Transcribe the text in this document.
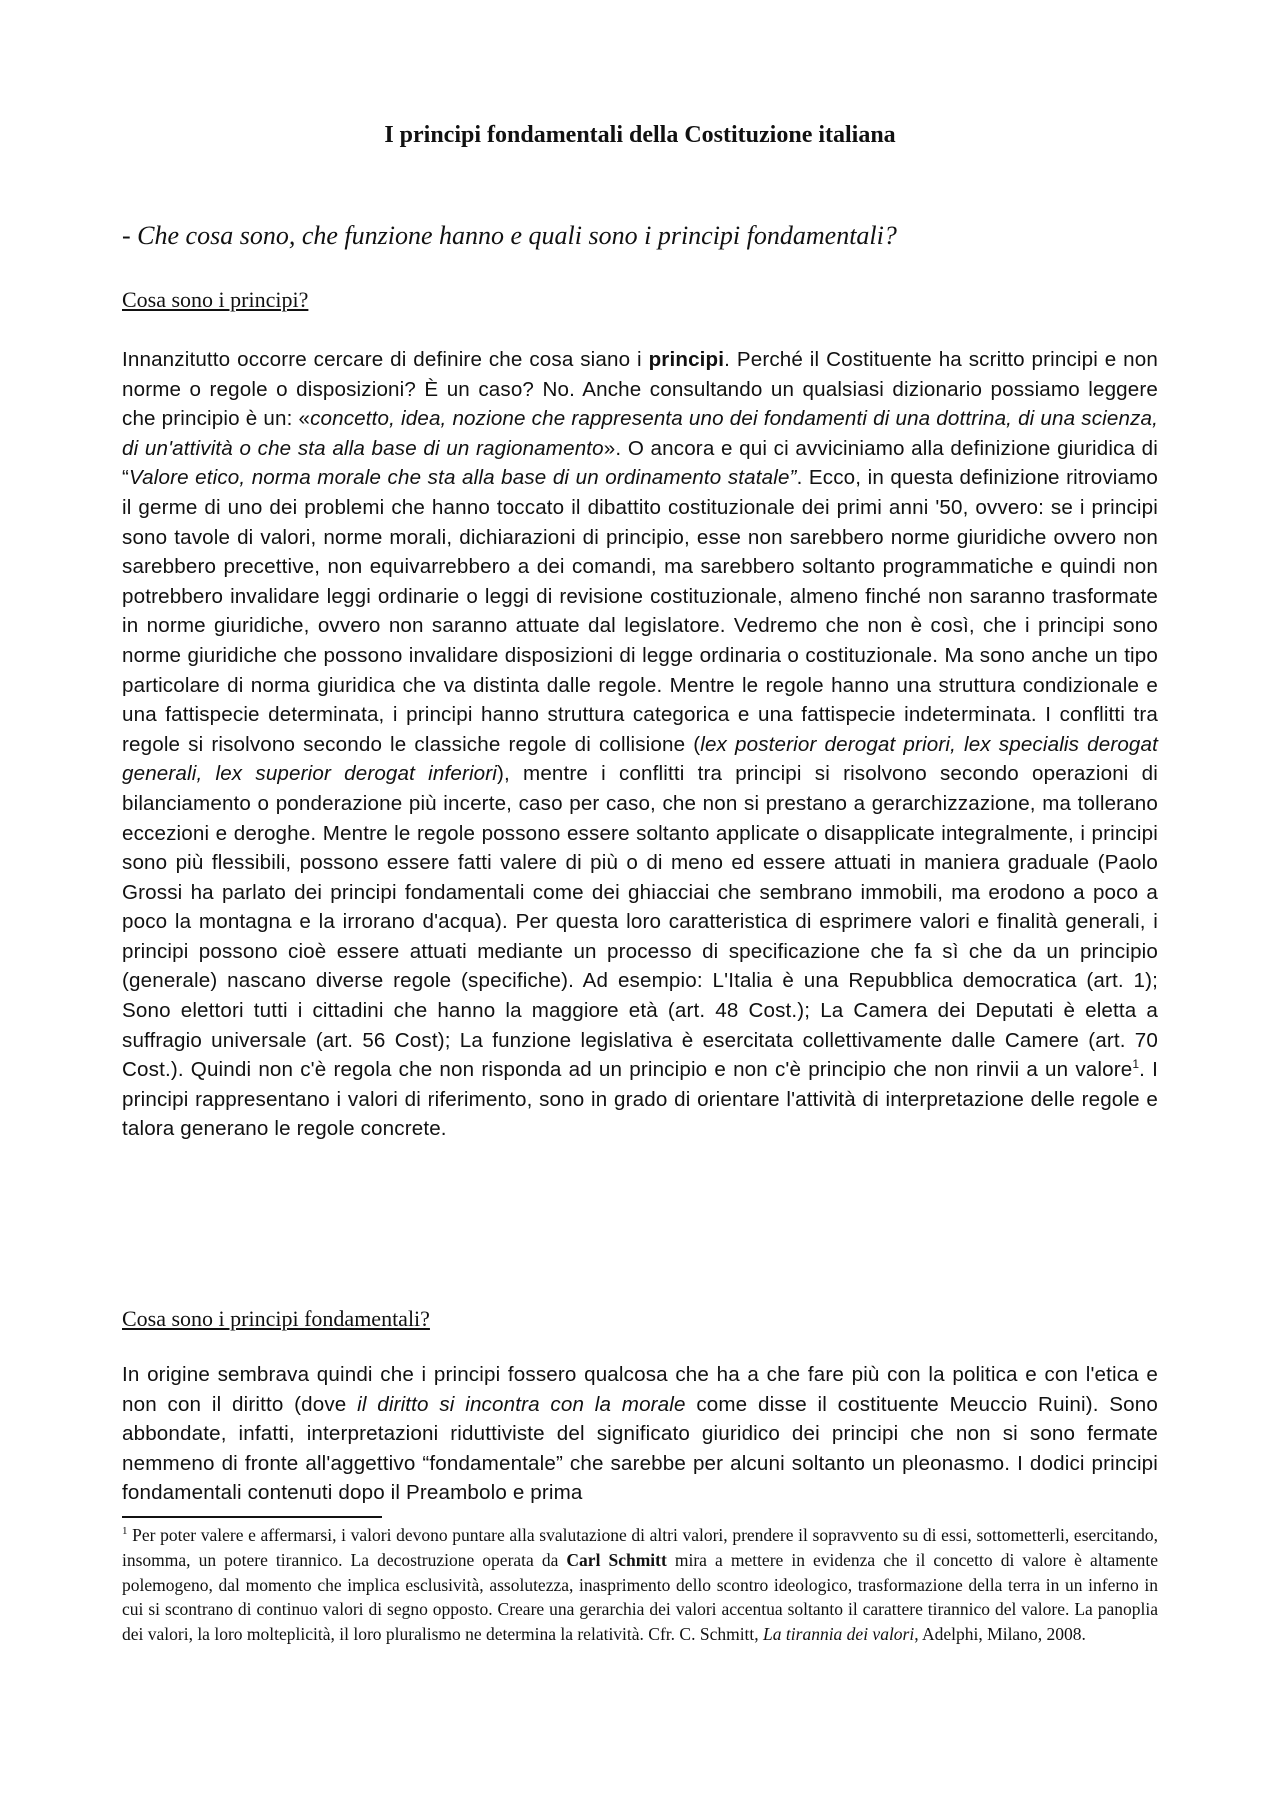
I principi fondamentali della Costituzione italiana
- Che cosa sono, che funzione hanno e quali sono i principi fondamentali?
Cosa sono i principi?
Innanzitutto occorre cercare di definire che cosa siano i principi. Perché il Costituente ha scritto principi e non norme o regole o disposizioni? È un caso? No. Anche consultando un qualsiasi dizionario possiamo leggere che principio è un: «concetto, idea, nozione che rappresenta uno dei fondamenti di una dottrina, di una scienza, di un'attività o che sta alla base di un ragionamento». O ancora e qui ci avviciniamo alla definizione giuridica di “Valore etico, norma morale che sta alla base di un ordinamento statale”. Ecco, in questa definizione ritroviamo il germe di uno dei problemi che hanno toccato il dibattito costituzionale dei primi anni '50, ovvero: se i principi sono tavole di valori, norme morali, dichiarazioni di principio, esse non sarebbero norme giuridiche ovvero non sarebbero precettive, non equivarrebbero a dei comandi, ma sarebbero soltanto programmatiche e quindi non potrebbero invalidare leggi ordinarie o leggi di revisione costituzionale, almeno finché non saranno trasformate in norme giuridiche, ovvero non saranno attuate dal legislatore. Vedremo che non è così, che i principi sono norme giuridiche che possono invalidare disposizioni di legge ordinaria o costituzionale. Ma sono anche un tipo particolare di norma giuridica che va distinta dalle regole. Mentre le regole hanno una struttura condizionale e una fattispecie determinata, i principi hanno struttura categorica e una fattispecie indeterminata. I conflitti tra regole si risolvono secondo le classiche regole di collisione (lex posterior derogat priori, lex specialis derogat generali, lex superior derogat inferiori), mentre i conflitti tra principi si risolvono secondo operazioni di bilanciamento o ponderazione più incerte, caso per caso, che non si prestano a gerarchizzazione, ma tollerano eccezioni e deroghe. Mentre le regole possono essere soltanto applicate o disapplicate integralmente, i principi sono più flessibili, possono essere fatti valere di più o di meno ed essere attuati in maniera graduale (Paolo Grossi ha parlato dei principi fondamentali come dei ghiacciai che sembrano immobili, ma erodono a poco a poco la montagna e la irrorano d'acqua). Per questa loro caratteristica di esprimere valori e finalità generali, i principi possono cioè essere attuati mediante un processo di specificazione che fa sì che da un principio (generale) nascano diverse regole (specifiche). Ad esempio: L'Italia è una Repubblica democratica (art. 1); Sono elettori tutti i cittadini che hanno la maggiore età (art. 48 Cost.); La Camera dei Deputati è eletta a suffragio universale (art. 56 Cost); La funzione legislativa è esercitata collettivamente dalle Camere (art. 70 Cost.). Quindi non c'è regola che non risponda ad un principio e non c'è principio che non rinvii a un valore$^1$. I principi rappresentano i valori di riferimento, sono in grado di orientare l'attività di interpretazione delle regole e talora generano le regole concrete.
Cosa sono i principi fondamentali?
In origine sembrava quindi che i principi fossero qualcosa che ha a che fare più con la politica e con l'etica e non con il diritto (dove il diritto si incontra con la morale come disse il costituente Meuccio Ruini). Sono abbondate, infatti, interpretazioni riduttiviste del significato giuridico dei principi che non si sono fermate nemmeno di fronte all'aggettivo “fondamentale” che sarebbe per alcuni soltanto un pleonasmo. I dodici principi fondamentali contenuti dopo il Preambolo e prima
$^1$ Per poter valere e affermarsi, i valori devono puntare alla svalutazione di altri valori, prendere il sopravvento su di essi, sottometterli, esercitando, insomma, un potere tirannico. La decostruzione operata da Carl Schmitt mira a mettere in evidenza che il concetto di valore è altamente polemogeno, dal momento che implica esclusività, assolutezza, inasprimento dello scontro ideologico, trasformazione della terra in un inferno in cui si scontrano di continuo valori di segno opposto. Creare una gerarchia dei valori accentua soltanto il carattere tirannico del valore. La panoplia dei valori, la loro molteplicità, il loro pluralismo ne determina la relatività. Cfr. C. Schmitt, La tirannia dei valori, Adelphi, Milano, 2008.
